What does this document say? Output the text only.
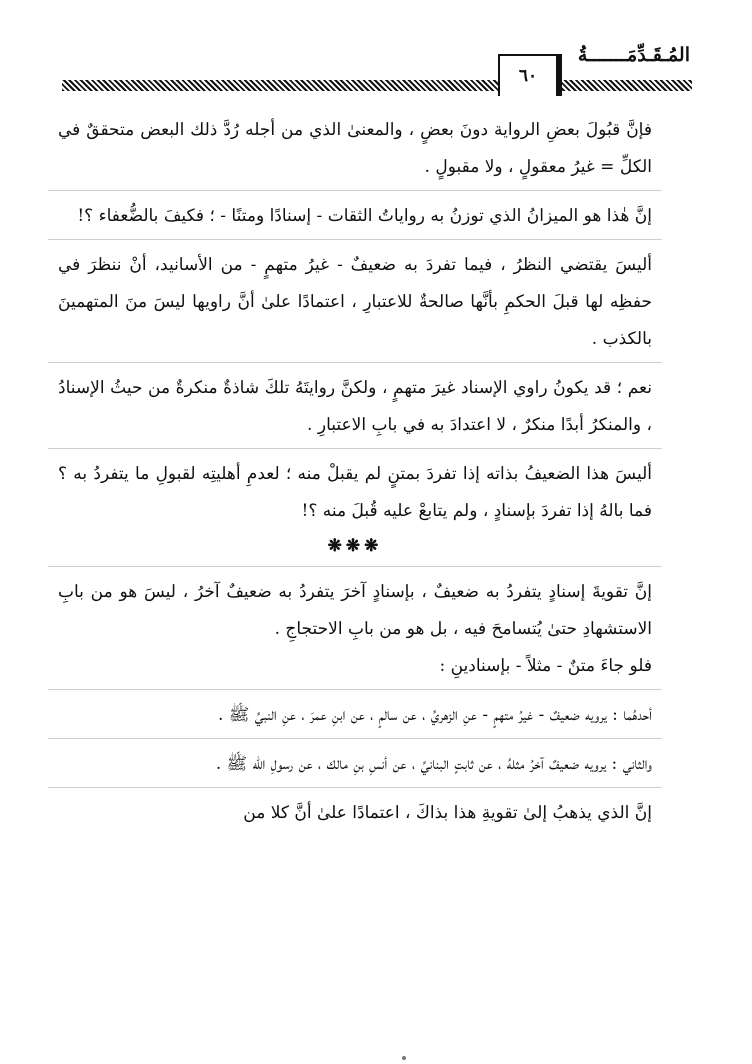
المُـقَـدِّمَـــــــةُ
٦٠

فإنَّ قبُولَ بعضِ الرواية دونَ بعضٍ ، والمعنىٰ الذي من أجله رُدَّ ذلك البعض متحققٌ في الكلِّ = غيرُ معقولٍ ، ولا مقبولٍ .

إنَّ هٰذا هو الميزانُ الذي توزنُ به رواياتُ الثقات - إسنادًا ومتنًا - ؛ فكيفَ بالضُّعفاء ؟!

أليسَ يقتضي النظرُ ، فيما تفردَ به ضعيفٌ - غيرُ متهمٍ - من الأسانيد، أنْ ننظرَ في حفظِه لها قبلَ الحكمِ بأنَّها صالحةٌ للاعتبارِ ، اعتمادًا علىٰ أنَّ راويها ليسَ منَ المتهمينَ بالكذب .

نعم ؛ قد يكونُ راوي الإسناد غيرَ متهمٍ ، ولكنَّ روايتَهُ تلكَ شاذةٌ منكرةٌ من حيثُ الإسنادُ ، والمنكرُ أبدًا منكرٌ ، لا اعتدادَ به في بابِ الاعتبارِ .

أليسَ هذا الضعيفُ بذاته إذا تفردَ بمتنٍ لم يقبلْ منه ؛ لعدمِ أهليتِه لقبولِ ما يتفردُ به ؟ فما بالهُ إذا تفردَ بإسنادٍ ، ولم يتابعْ عليه قُبلَ منه ؟!

❋❋❋

إنَّ تقويةَ إسنادٍ يتفردُ به ضعيفٌ ، بإسنادٍ آخرَ يتفردُ به ضعيفٌ آخرُ ، ليسَ هو من بابِ الاستشهادِ حتىٰ يُتسامحَ فيه ، بل هو من بابِ الاحتجاجِ .

فلو جاءَ متنٌ - مثلاً - بإسنادينِ :

أحدهُما : يرويه ضعيفٌ - غيرُ متهمٍ - عنِ الزهريِّ ، عن سالمٍ ، عن ابنِ عمرَ ، عنِ النبيِّ ﷺ .

والثاني : يرويه ضعيفٌ آخرُ مثلهُ ، عن ثابتٍ البنانيِّ ، عن أنسِ بنِ مالك ، عن رسولِ الله ﷺ .

إنَّ الذي يذهبُ إلىٰ تقويةِ هذا بذاكَ ، اعتمادًا علىٰ أنَّ كلا من
